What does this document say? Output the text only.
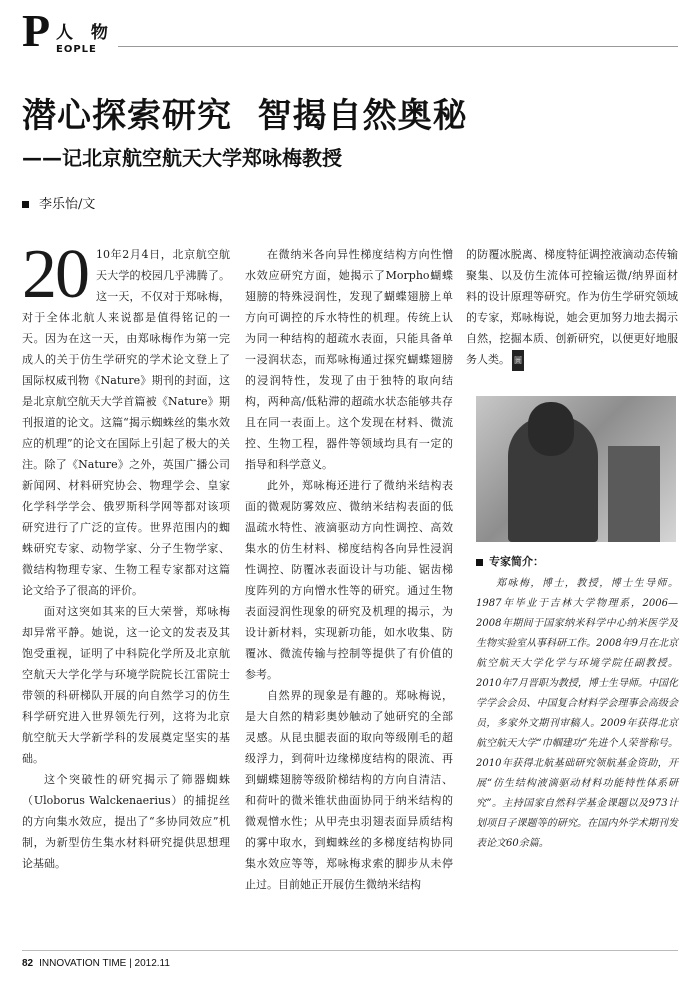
P 人 物
EOPLE
潜心探索研究  智揭自然奥秘
——记北京航空航天大学郑咏梅教授
李乐怡/文

20 10年2月4日，北京航空航天大学的校园几乎沸腾了。这一天，不仅对于郑咏梅，对于全体北航人来说都是值得铭记的一天。因为在这一天，由郑咏梅作为第一完成人的关于仿生学研究的学术论文登上了国际权威刊物《Nature》期刊的封面，这是北京航空航天大学首篇被《Nature》期刊报道的论文。这篇“揭示蜘蛛丝的集水效应的机理”的论文在国际上引起了极大的关注。除了《Nature》之外，英国广播公司新闻网、材料研究协会、物理学会、皇家化学科学学会、俄罗斯科学网等都对该项研究进行了广泛的宣传。世界范围内的蜘蛛研究专家、动物学家、分子生物学家、微结构物理专家、生物工程专家都对这篇论文给予了很高的评价。

面对这突如其来的巨大荣誉，郑咏梅却异常平静。她说，这一论文的发表及其饱受重视，证明了中科院化学所及北京航空航天大学化学与环境学院院长江雷院士带领的科研梯队开展的向自然学习的仿生科学研究进入世界领先行列，这将为北京航空航天大学新学科的发展奠定坚实的基础。

这个突破性的研究揭示了筛器蜘蛛（Uloborus Walckenaerius）的捕捉丝的方向集水效应，提出了“多协同效应”机制，为新型仿生集水材料研究提供思想理论基础。

在微纳米各向异性梯度结构方向性憎水效应研究方面，她揭示了Morpho蝴蝶翅膀的特殊浸润性，发现了蝴蝶翅膀上单方向可调控的斥水特性的机理。传统上认为同一种结构的超疏水表面，只能具备单一浸润状态，而郑咏梅通过探究蝴蝶翅膀的浸润特性，发现了由于独特的取向结构，两种高/低粘滞的超疏水状态能够共存且在同一表面上。这个发现在材料、微流控、生物工程，器件等领域均具有一定的指导和科学意义。

此外，郑咏梅还进行了微纳米结构表面的微观防雾效应、微纳米结构表面的低温疏水特性、液滴驱动方向性调控、高效集水的仿生材料、梯度结构各向异性浸润性调控、防覆冰表面设计与功能、锯齿梯度阵列的方向憎水性等的研究。通过生物表面浸润性现象的研究及机理的揭示，为设计新材料，实现新功能，如水收集、防覆冰、微流传输与控制等提供了有价值的参考。

自然界的现象是有趣的。郑咏梅说，是大自然的精彩奥妙触动了她研究的全部灵感。从昆虫腿表面的取向等级刚毛的超级浮力，到荷叶边缘梯度结构的限流、再到蝴蝶翅膀等级阶梯结构的方向自清洁、和荷叶的微米锥状曲面协同于纳米结构的微观憎水性；从甲壳虫羽翅表面异质结构的雾中取水，到蜘蛛丝的多梯度结构协同集水效应等等，郑咏梅求索的脚步从未停止过。目前她正开展仿生微纳米结构

的防覆冰脱离、梯度特征调控液滴动态传输聚集、以及仿生流体可控输运微/纳界面材料的设计原理等研究。作为仿生学研究领域的专家，郑咏梅说，她会更加努力地去揭示自然，挖掘本质、创新研究，以便更好地服务人类。 圖

专家简介：
郑咏梅，博士，教授，博士生导师。1987年毕业于吉林大学物理系，2006—2008年期间于国家纳米科学中心纳米医学及生物实验室从事科研工作。2008年9月在北京航空航天大学化学与环境学院任副教授。2010年7月晋职为教授，博士生导师。中国化学学会会员、中国复合材料学会理事会高级会员，多家外文期刊审稿人。2009年获得北京航空航天大学“巾帼建功”先进个人荣誉称号。2010年获得北航基础研究领航基金资助，开展“仿生结构液滴驱动材料功能特性体系研究”。主持国家自然科学基金课题以及973计划项目子课题等的研究。在国内外学术期刊发表论文60余篇。
82 INNOVATION TIME | 2012.11
